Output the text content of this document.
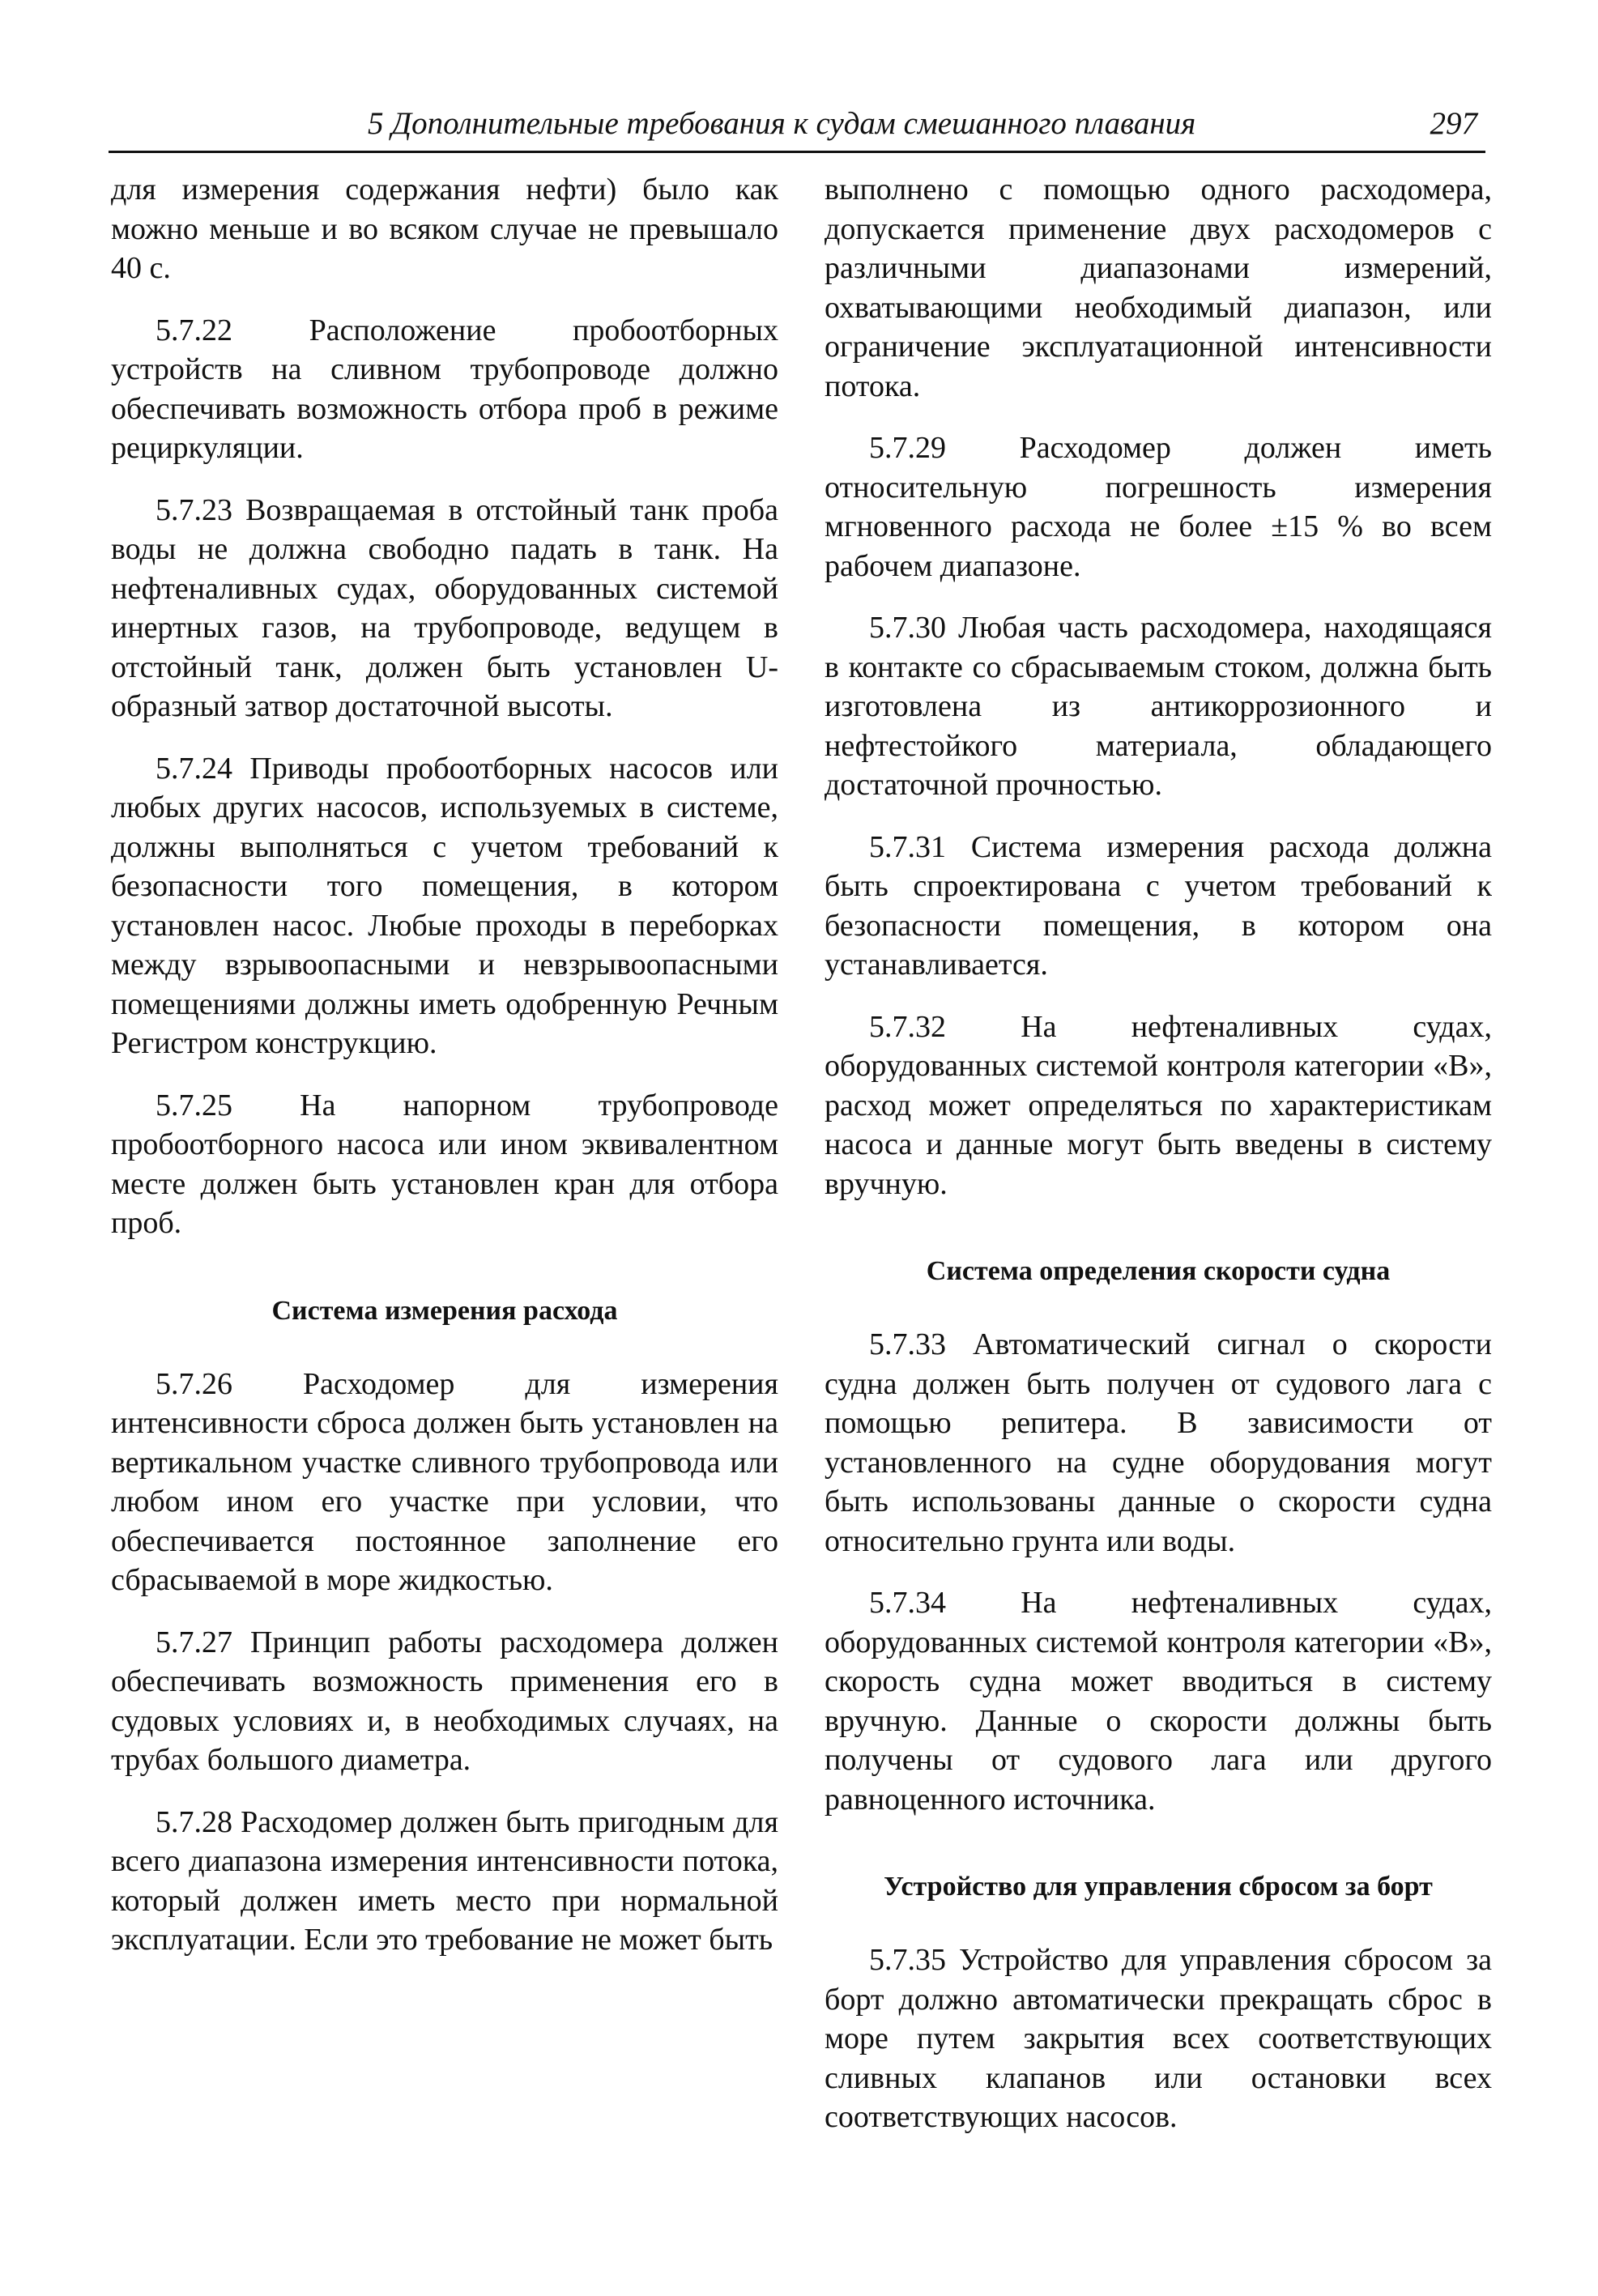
5 Дополнительные требования к судам смешанного плавания	297

для измерения содержания нефти) было как можно меньше и во всяком случае не превышало 40 с.

5.7.22 Расположение пробоотборных устройств на сливном трубопроводе должно обеспечивать возможность отбора проб в режиме рециркуляции.

5.7.23 Возвращаемая в отстойный танк проба воды не должна свободно падать в танк. На нефтеналивных судах, оборудованных системой инертных газов, на трубопроводе, ведущем в отстойный танк, должен быть установлен U-образный затвор достаточной высоты.

5.7.24 Приводы пробоотборных насосов или любых других насосов, используемых в системе, должны выполняться с учетом требований к безопасности того помещения, в котором установлен насос. Любые проходы в переборках между взрывоопасными и невзрывоопасными помещениями должны иметь одобренную Речным Регистром конструкцию.

5.7.25 На напорном трубопроводе пробоотборного насоса или ином эквивалентном месте должен быть установлен кран для отбора проб.

Система измерения расхода

5.7.26 Расходомер для измерения интенсивности сброса должен быть установлен на вертикальном участке сливного трубопровода или любом ином его участке при условии, что обеспечивается постоянное заполнение его сбрасываемой в море жидкостью.

5.7.27 Принцип работы расходомера должен обеспечивать возможность применения его в судовых условиях и, в необходимых случаях, на трубах большого диаметра.

5.7.28 Расходомер должен быть пригодным для всего диапазона измерения интенсивности потока, который должен иметь место при нормальной эксплуатации. Если это требование не может быть

выполнено с помощью одного расходомера, допускается применение двух расходомеров с различными диапазонами измерений, охватывающими необходимый диапазон, или ограничение эксплуатационной интенсивности потока.

5.7.29 Расходомер должен иметь относительную погрешность измерения мгновенного расхода не более ±15 % во всем рабочем диапазоне.

5.7.30 Любая часть расходомера, находящаяся в контакте со сбрасываемым стоком, должна быть изготовлена из антикоррозионного и нефтестойкого материала, обладающего достаточной прочностью.

5.7.31 Система измерения расхода должна быть спроектирована с учетом требований к безопасности помещения, в котором она устанавливается.

5.7.32 На нефтеналивных судах, оборудованных системой контроля категории «В», расход может определяться по характеристикам насоса и данные могут быть введены в систему вручную.

Система определения скорости судна

5.7.33 Автоматический сигнал о скорости судна должен быть получен от судового лага с помощью репитера. В зависимости от установленного на судне оборудования могут быть использованы данные о скорости судна относительно грунта или воды.

5.7.34 На нефтеналивных судах, оборудованных системой контроля категории «В», скорость судна может вводиться в систему вручную. Данные о скорости должны быть получены от судового лага или другого равноценного источника.

Устройство для управления сбросом за борт

5.7.35 Устройство для управления сбросом за борт должно автоматически прекращать сброс в море путем закрытия всех соответствующих сливных клапанов или остановки всех соответствующих насосов.
